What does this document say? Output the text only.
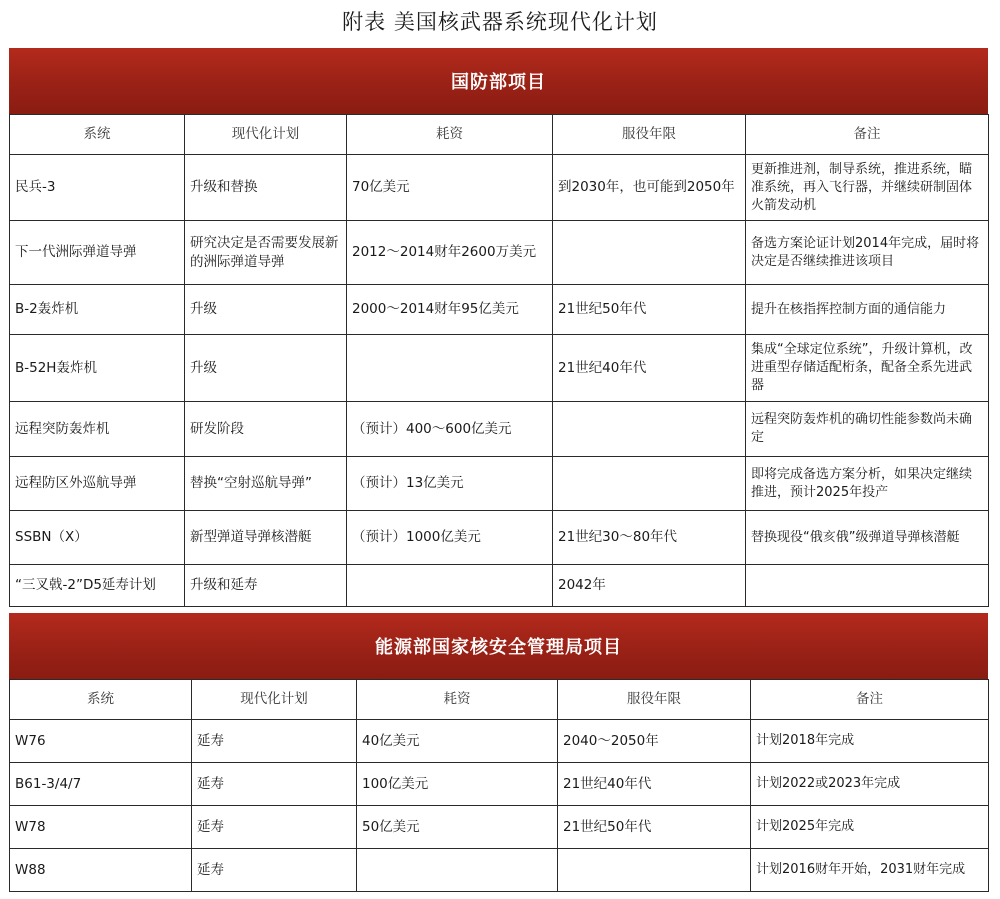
附表 美国核武器系统现代化计划
国防部项目
系统	现代化计划	耗资	服役年限	备注
民兵-3	升级和替换	70亿美元	到2030年，也可能到2050年	更新推进剂，制导系统，推进系统，瞄准系统，再入飞行器，并继续研制固体火箭发动机
下一代洲际弹道导弹	研究决定是否需要发展新的洲际弹道导弹	2012～2014财年2600万美元		备选方案论证计划2014年完成，届时将决定是否继续推进该项目
B-2轰炸机	升级	2000～2014财年95亿美元	21世纪50年代	提升在核指挥控制方面的通信能力
B-52H轰炸机	升级		21世纪40年代	集成“全球定位系统”，升级计算机，改进重型存储适配桁条，配备全系先进武器
远程突防轰炸机	研发阶段	（预计）400～600亿美元		远程突防轰炸机的确切性能参数尚未确定
远程防区外巡航导弹	替换“空射巡航导弹”	（预计）13亿美元		即将完成备选方案分析，如果决定继续推进，预计2025年投产
SSBN（X）	新型弹道导弹核潜艇	（预计）1000亿美元	21世纪30～80年代	替换现役“俄亥俄”级弹道导弹核潜艇
“三叉戟-2”D5延寿计划	升级和延寿		2042年	
能源部国家核安全管理局项目
系统	现代化计划	耗资	服役年限	备注
W76	延寿	40亿美元	2040～2050年	计划2018年完成
B61-3/4/7	延寿	100亿美元	21世纪40年代	计划2022或2023年完成
W78	延寿	50亿美元	21世纪50年代	计划2025年完成
W88	延寿			计划2016财年开始，2031财年完成
